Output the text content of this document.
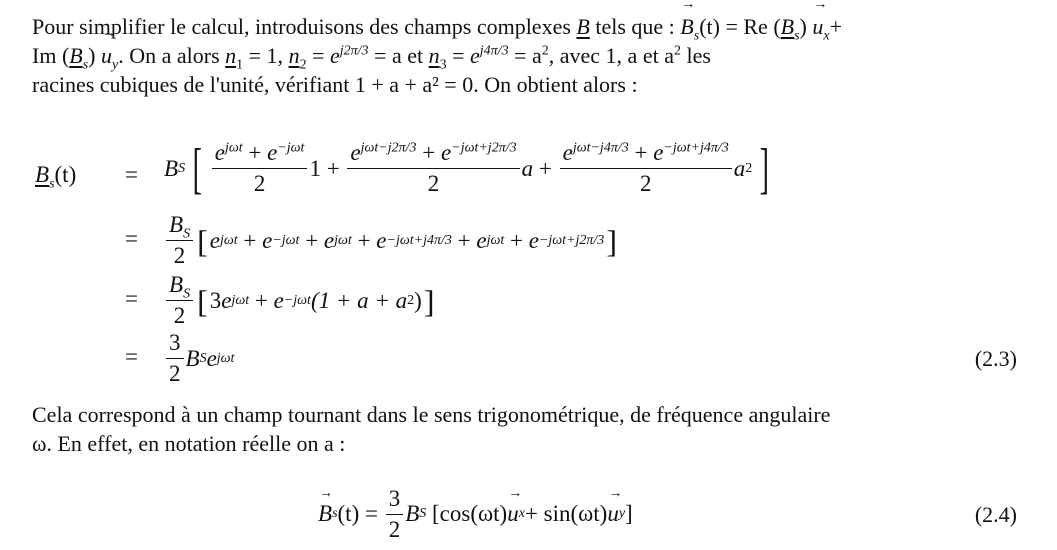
Pour simplifier le calcul, introduisons des champs complexes B tels que : → $B_s(t) = Re$ $(B_s) \to u_x+$
Im $(B_s) \to u_y$. On a alors $n_1 = 1$, $n_2 = e^{j2\pi/3} = a$ et $n_3 = e^{j4\pi/3} = a^2$, avec 1, a et $a^2$ les
racines cubiques de l'unité, vérifiant 1 + a + a² = 0. On obtient alors :
$B_s(t) = B$ S [ $\frac{e^{j\omega t} + e^{-j\omega t}}{2} 1 + \frac{e^{j\omega t-j2\pi/3} + e^{-j\omega t+j2\pi/3}}{2}$ $a + \frac{e^{j\omega t-j4\pi/3} + e^{-j\omega t+j4\pi/3}}{2}$ a 2 ]
= $\frac{B_S}{2}$ [ e jωt + e −jωt + e jωt + e −jωt+j4π/3 + e jωt + e −jωt+j2π/3 ]
= $\frac{B_S}{2}$ [ 3 e jωt + e −jωt (1 + a + a 2 ) ]
= $\frac{3}{2}$ B S e jωt	(2.3)
Cela correspond à un champ tournant dans le sens trigonométrique, de fréquence angulaire
ω. En effet, en notation réelle on a :
→ B s (t) =
$\frac{3}{2}$ B S
[cos(ωt) → u x + sin(ωt) → u y ]	(2.4)
